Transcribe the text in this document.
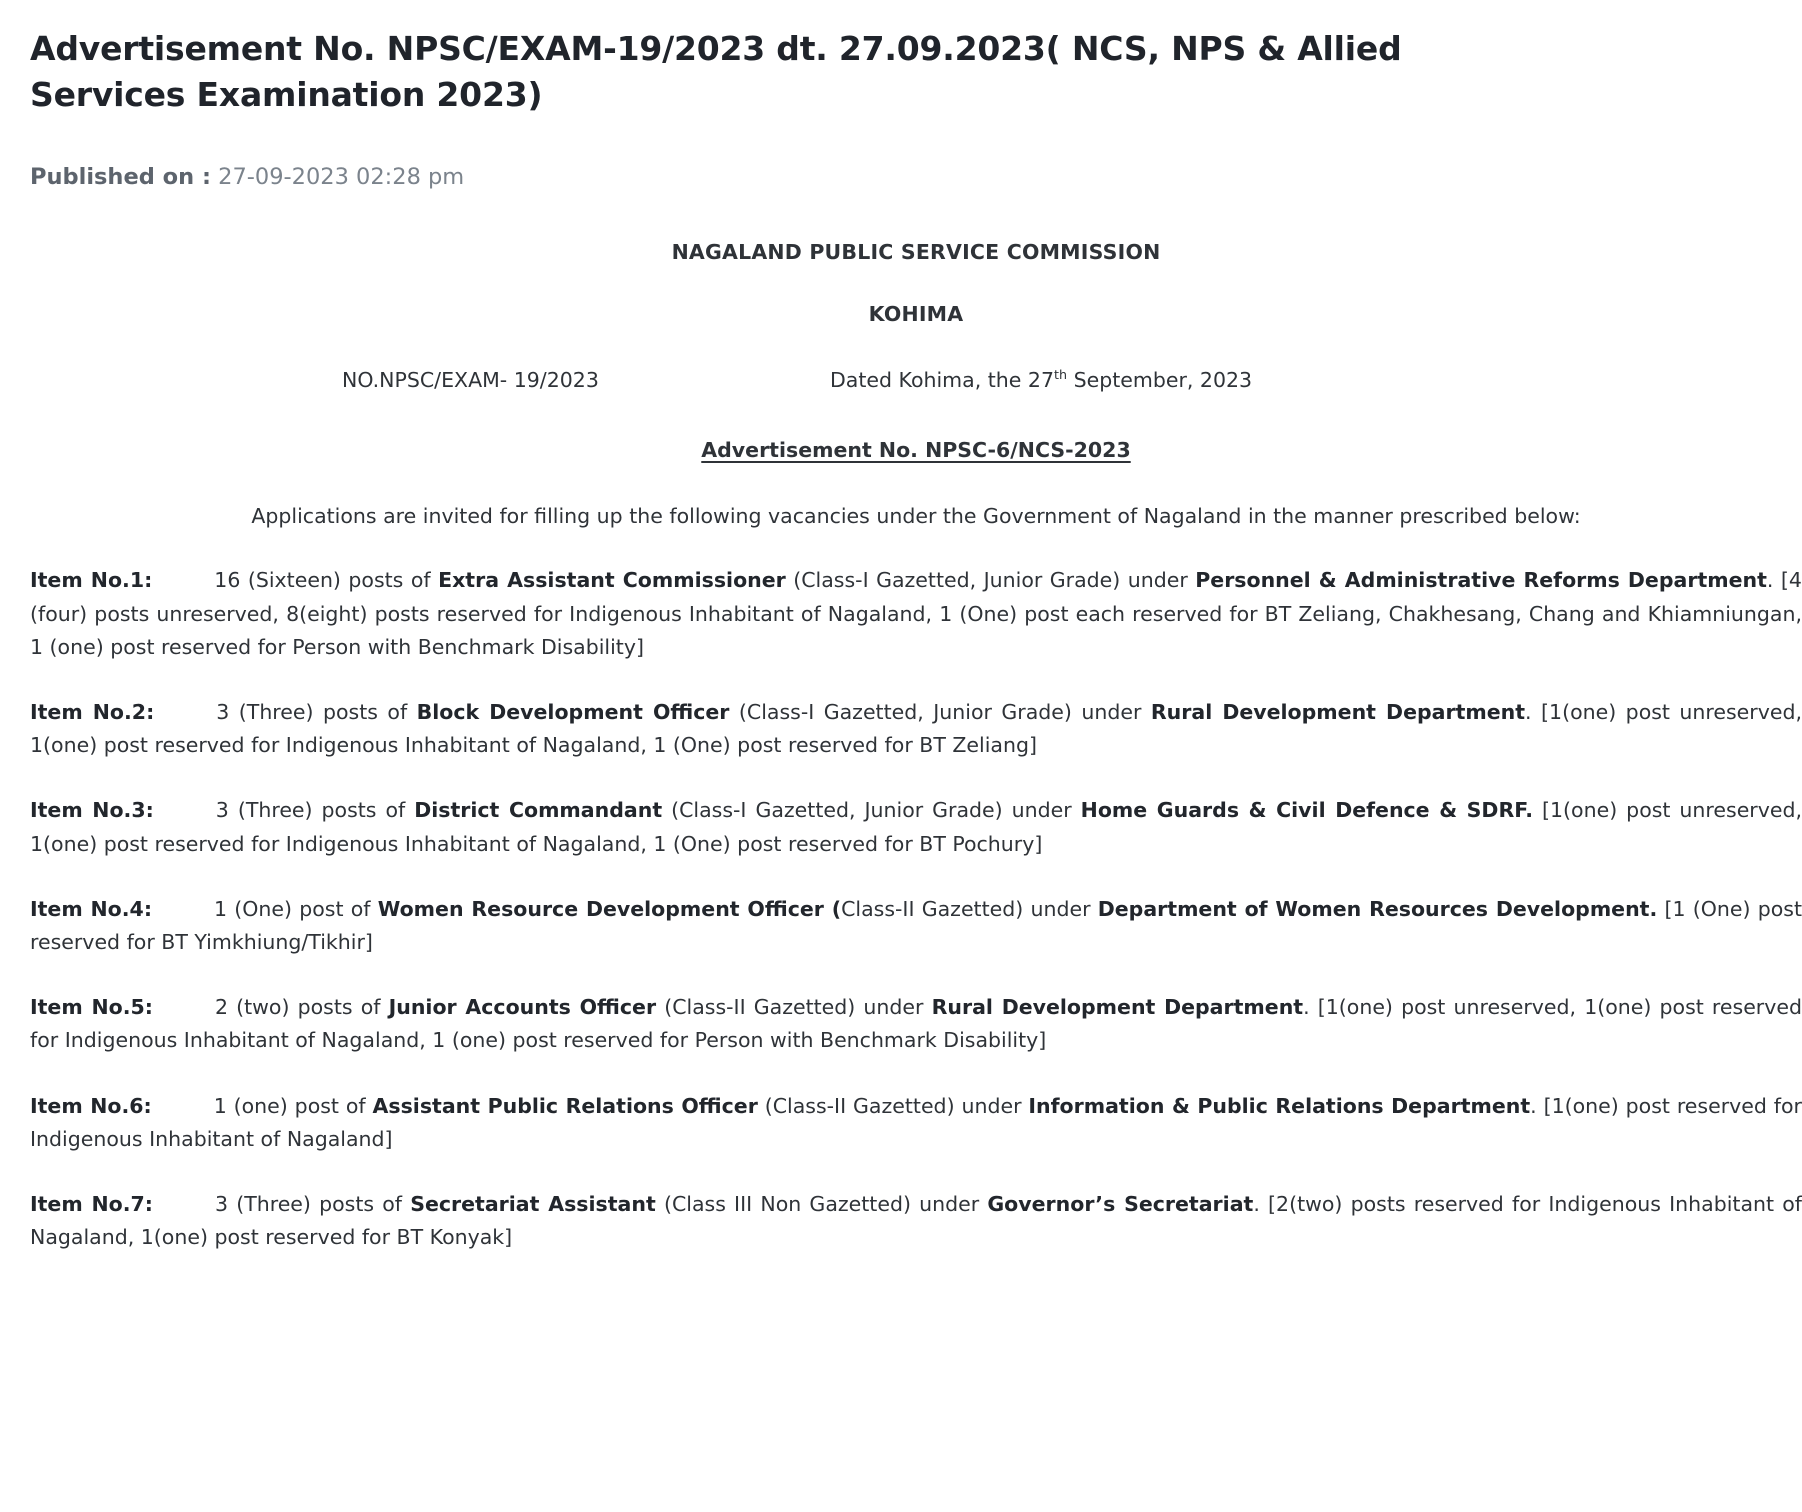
Advertisement No. NPSC/EXAM-19/2023 dt. 27.09.2023( NCS, NPS & Allied Services Examination 2023)
Published on : 27-09-2023 02:28 pm

NAGALAND PUBLIC SERVICE COMMISSION

KOHIMA

NO.NPSC/EXAM- 19/2023	Dated Kohima, the 27th September, 2023

Advertisement No. NPSC-6/NCS-2023

Applications are invited for filling up the following vacancies under the Government of Nagaland in the manner prescribed below:

Item No.1:	16 (Sixteen) posts of Extra Assistant Commissioner (Class-I Gazetted, Junior Grade) under Personnel & Administrative Reforms Department. [4 (four) posts unreserved, 8(eight) posts reserved for Indigenous Inhabitant of Nagaland, 1 (One) post each reserved for BT Zeliang, Chakhesang, Chang and Khiamniungan, 1 (one) post reserved for Person with Benchmark Disability]

Item No.2:	3 (Three) posts of Block Development Officer (Class-I Gazetted, Junior Grade) under Rural Development Department. [1(one) post unreserved, 1(one) post reserved for Indigenous Inhabitant of Nagaland, 1 (One) post reserved for BT Zeliang]

Item No.3:	3 (Three) posts of District Commandant (Class-I Gazetted, Junior Grade) under Home Guards & Civil Defence & SDRF. [1(one) post unreserved, 1(one) post reserved for Indigenous Inhabitant of Nagaland, 1 (One) post reserved for BT Pochury]

Item No.4:	1 (One) post of Women Resource Development Officer (Class-II Gazetted) under Department of Women Resources Development. [1 (One) post reserved for BT Yimkhiung/Tikhir]

Item No.5:	2 (two) posts of Junior Accounts Officer (Class-II Gazetted) under Rural Development Department. [1(one) post unreserved, 1(one) post reserved for Indigenous Inhabitant of Nagaland, 1 (one) post reserved for Person with Benchmark Disability]

Item No.6:	1 (one) post of Assistant Public Relations Officer (Class-II Gazetted) under Information & Public Relations Department. [1(one) post reserved for Indigenous Inhabitant of Nagaland]

Item No.7:	3 (Three) posts of Secretariat Assistant (Class III Non Gazetted) under Governor’s Secretariat. [2(two) posts reserved for Indigenous Inhabitant of Nagaland, 1(one) post reserved for BT Konyak]
